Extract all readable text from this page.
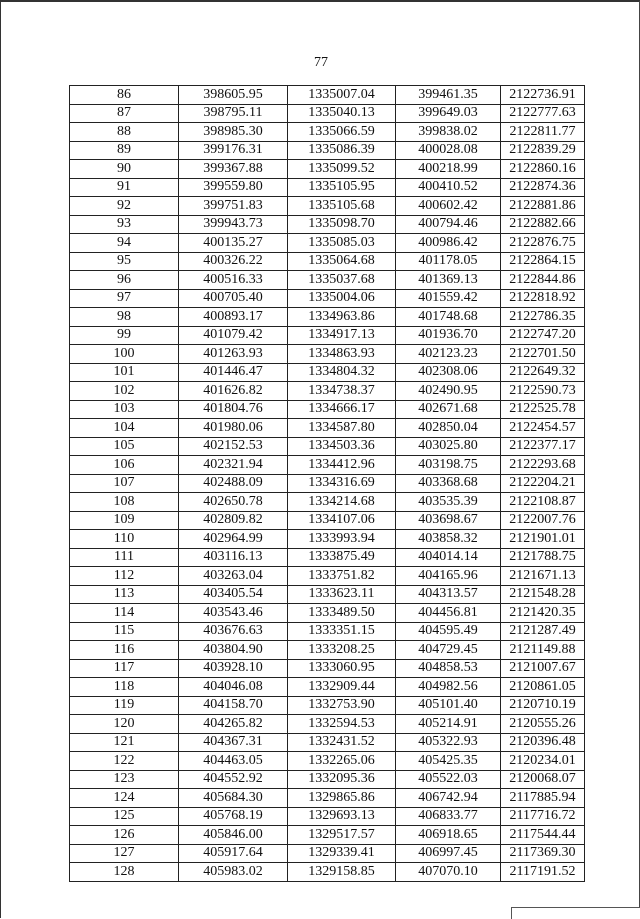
77
86	398605.95	1335007.04	399461.35	2122736.91
87	398795.11	1335040.13	399649.03	2122777.63
88	398985.30	1335066.59	399838.02	2122811.77
89	399176.31	1335086.39	400028.08	2122839.29
90	399367.88	1335099.52	400218.99	2122860.16
91	399559.80	1335105.95	400410.52	2122874.36
92	399751.83	1335105.68	400602.42	2122881.86
93	399943.73	1335098.70	400794.46	2122882.66
94	400135.27	1335085.03	400986.42	2122876.75
95	400326.22	1335064.68	401178.05	2122864.15
96	400516.33	1335037.68	401369.13	2122844.86
97	400705.40	1335004.06	401559.42	2122818.92
98	400893.17	1334963.86	401748.68	2122786.35
99	401079.42	1334917.13	401936.70	2122747.20
100	401263.93	1334863.93	402123.23	2122701.50
101	401446.47	1334804.32	402308.06	2122649.32
102	401626.82	1334738.37	402490.95	2122590.73
103	401804.76	1334666.17	402671.68	2122525.78
104	401980.06	1334587.80	402850.04	2122454.57
105	402152.53	1334503.36	403025.80	2122377.17
106	402321.94	1334412.96	403198.75	2122293.68
107	402488.09	1334316.69	403368.68	2122204.21
108	402650.78	1334214.68	403535.39	2122108.87
109	402809.82	1334107.06	403698.67	2122007.76
110	402964.99	1333993.94	403858.32	2121901.01
111	403116.13	1333875.49	404014.14	2121788.75
112	403263.04	1333751.82	404165.96	2121671.13
113	403405.54	1333623.11	404313.57	2121548.28
114	403543.46	1333489.50	404456.81	2121420.35
115	403676.63	1333351.15	404595.49	2121287.49
116	403804.90	1333208.25	404729.45	2121149.88
117	403928.10	1333060.95	404858.53	2121007.67
118	404046.08	1332909.44	404982.56	2120861.05
119	404158.70	1332753.90	405101.40	2120710.19
120	404265.82	1332594.53	405214.91	2120555.26
121	404367.31	1332431.52	405322.93	2120396.48
122	404463.05	1332265.06	405425.35	2120234.01
123	404552.92	1332095.36	405522.03	2120068.07
124	405684.30	1329865.86	406742.94	2117885.94
125	405768.19	1329693.13	406833.77	2117716.72
126	405846.00	1329517.57	406918.65	2117544.44
127	405917.64	1329339.41	406997.45	2117369.30
128	405983.02	1329158.85	407070.10	2117191.52
